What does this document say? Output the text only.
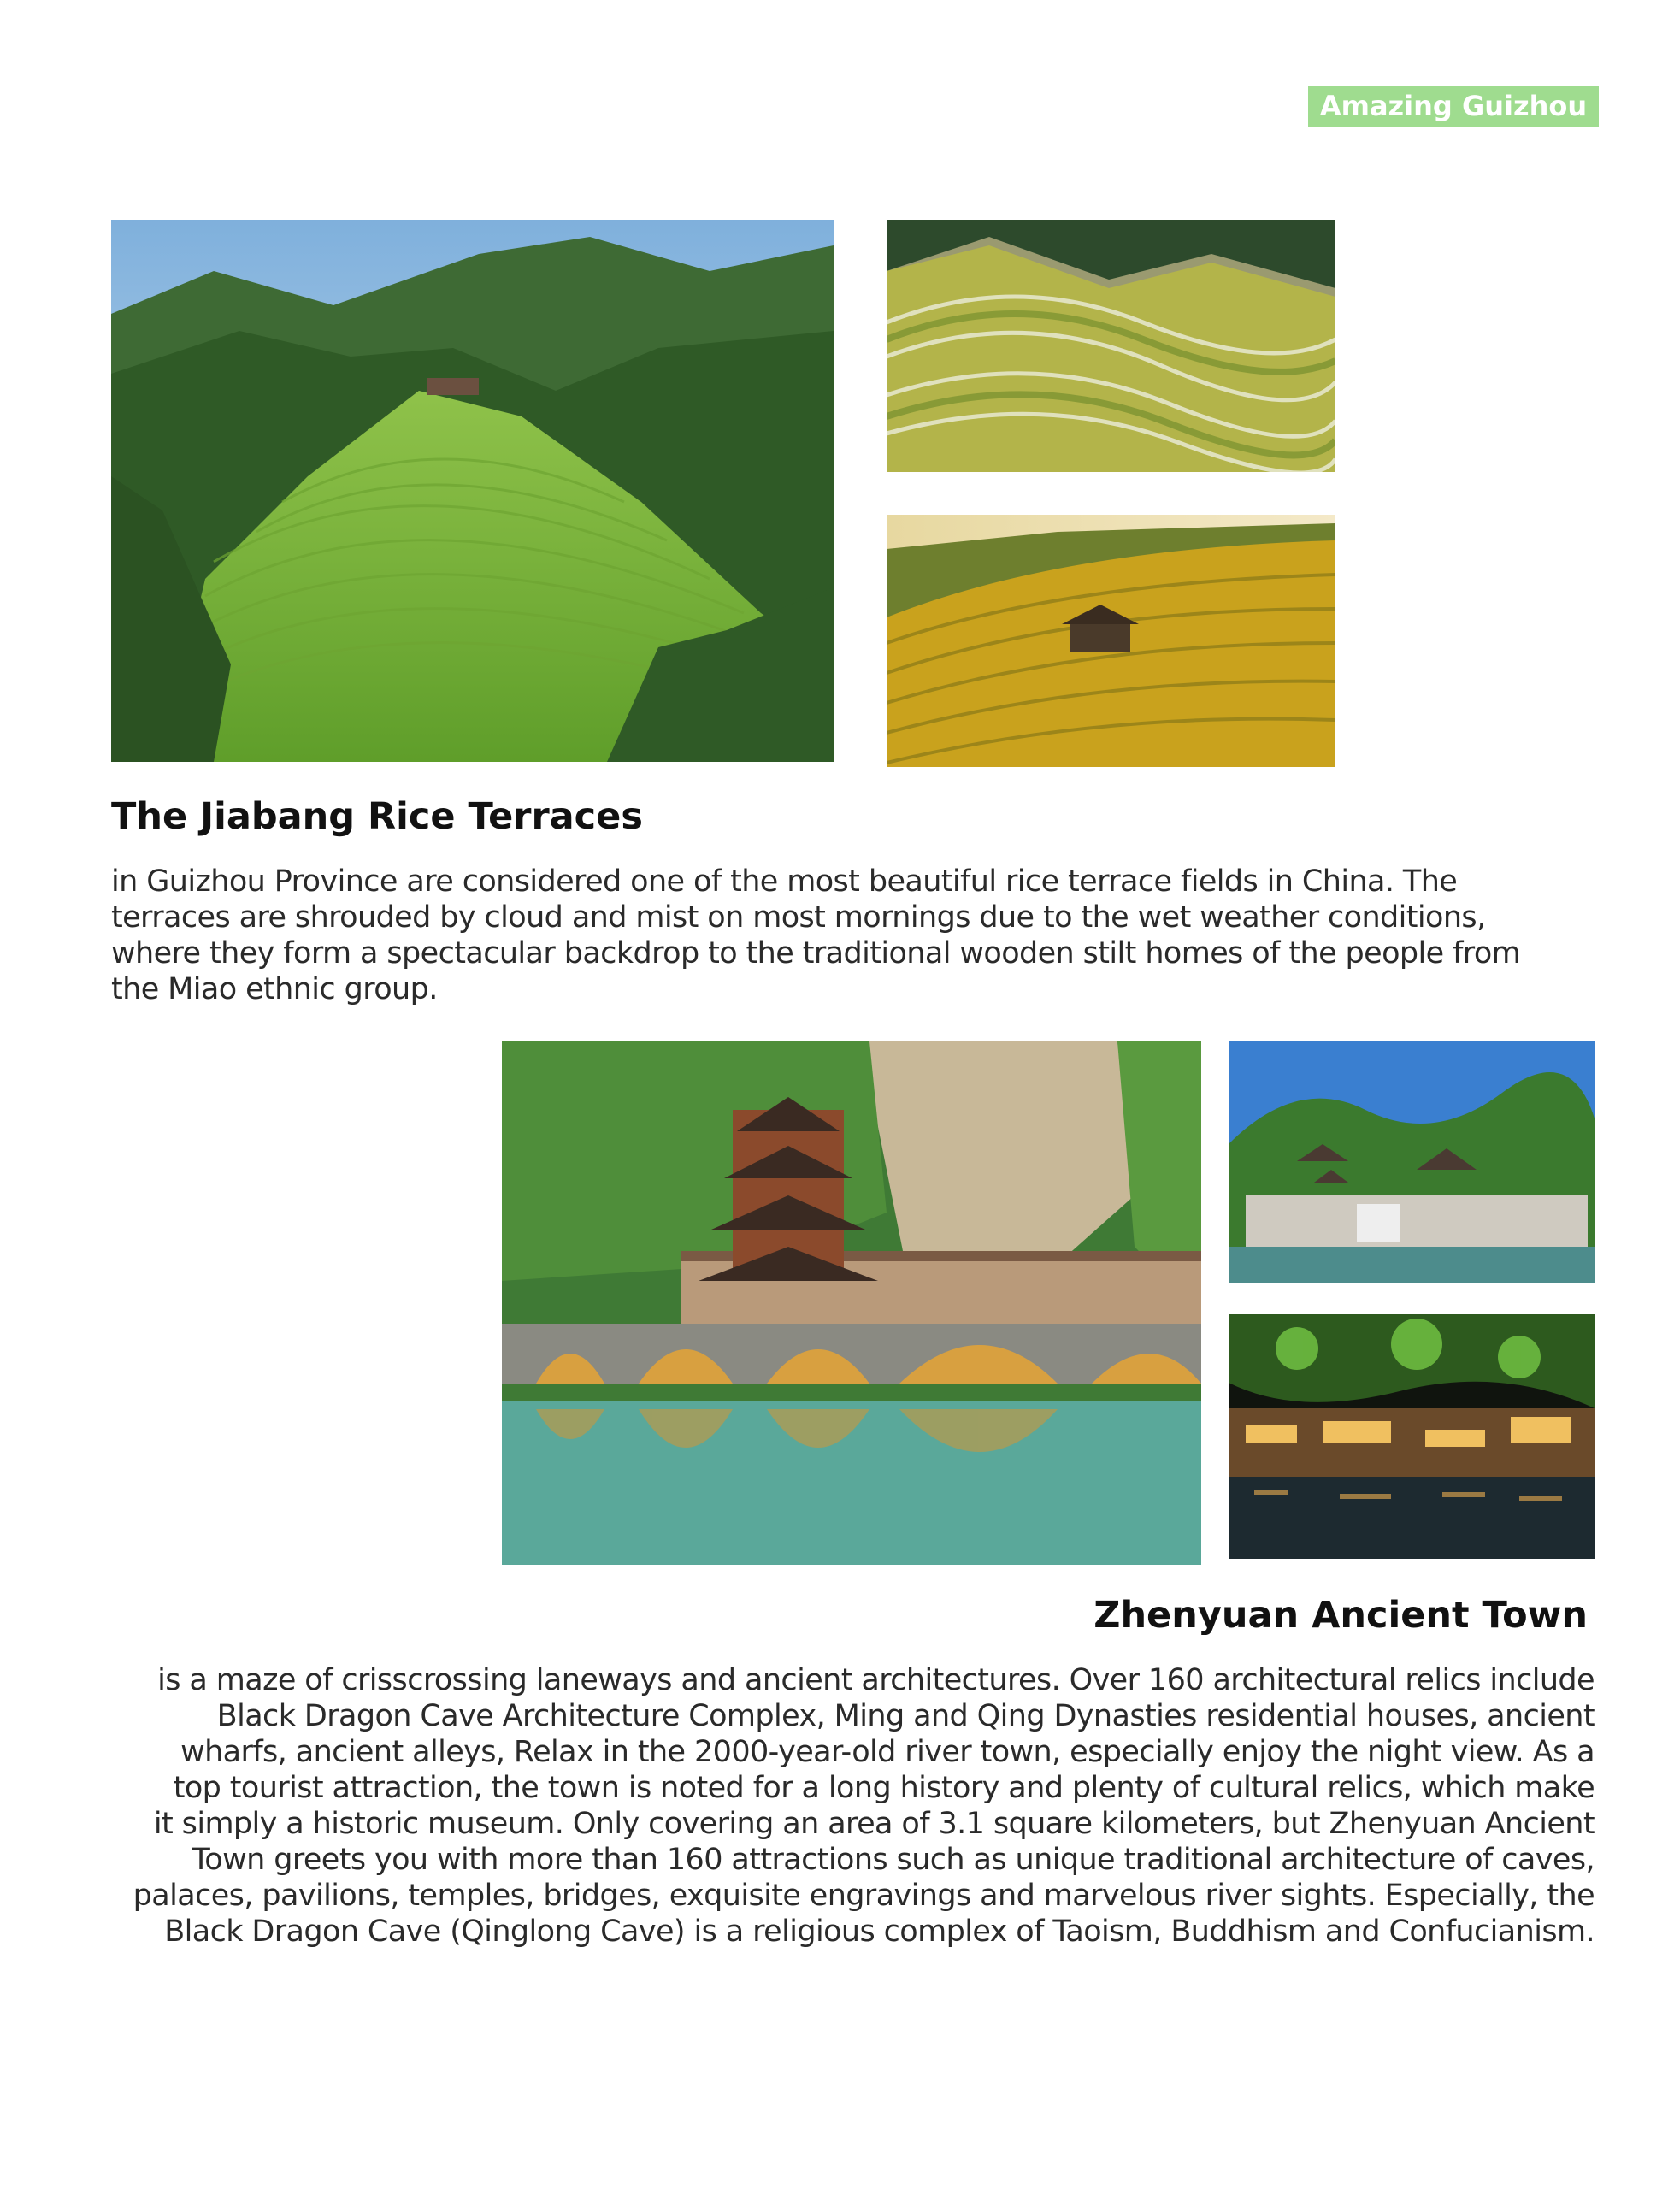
Amazing Guizhou
The Jiabang Rice Terraces
in Guizhou Province are considered one of the most beautiful rice terrace fields in China. The
terraces are shrouded by cloud and mist on most mornings due to the wet weather conditions,
where they form a spectacular backdrop to the traditional wooden stilt homes of the people from
the Miao ethnic group.
Zhenyuan Ancient Town
is a maze of crisscrossing laneways and ancient architectures. Over 160 architectural relics include
Black Dragon Cave Architecture Complex, Ming and Qing Dynasties residential houses, ancient
wharfs, ancient alleys, Relax in the 2000-year-old river town, especially enjoy the night view. As a
top tourist attraction, the town is noted for a long history and plenty of cultural relics, which make
it simply a historic museum. Only covering an area of 3.1 square kilometers, but Zhenyuan Ancient
Town greets you with more than 160 attractions such as unique traditional architecture of caves,
palaces, pavilions, temples, bridges, exquisite engravings and marvelous river sights. Especially, the
Black Dragon Cave (Qinglong Cave) is a religious complex of Taoism, Buddhism and Confucianism.
